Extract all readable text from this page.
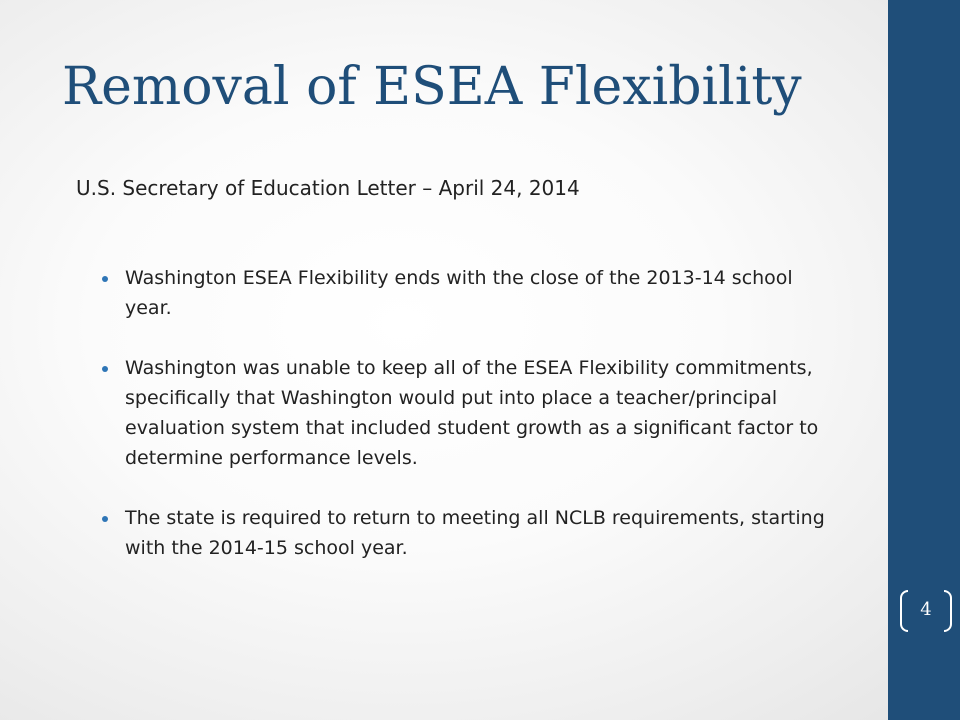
Removal of ESEA Flexibility

U.S. Secretary of Education Letter – April 24, 2014

Washington ESEA Flexibility ends with the close of the 2013-14 school year.
Washington was unable to keep all of the ESEA Flexibility commitments, specifically that Washington would put into place a teacher/principal evaluation system that included student growth as a significant factor to determine performance levels.
The state is required to return to meeting all NCLB requirements, starting with the 2014-15 school year.
4
